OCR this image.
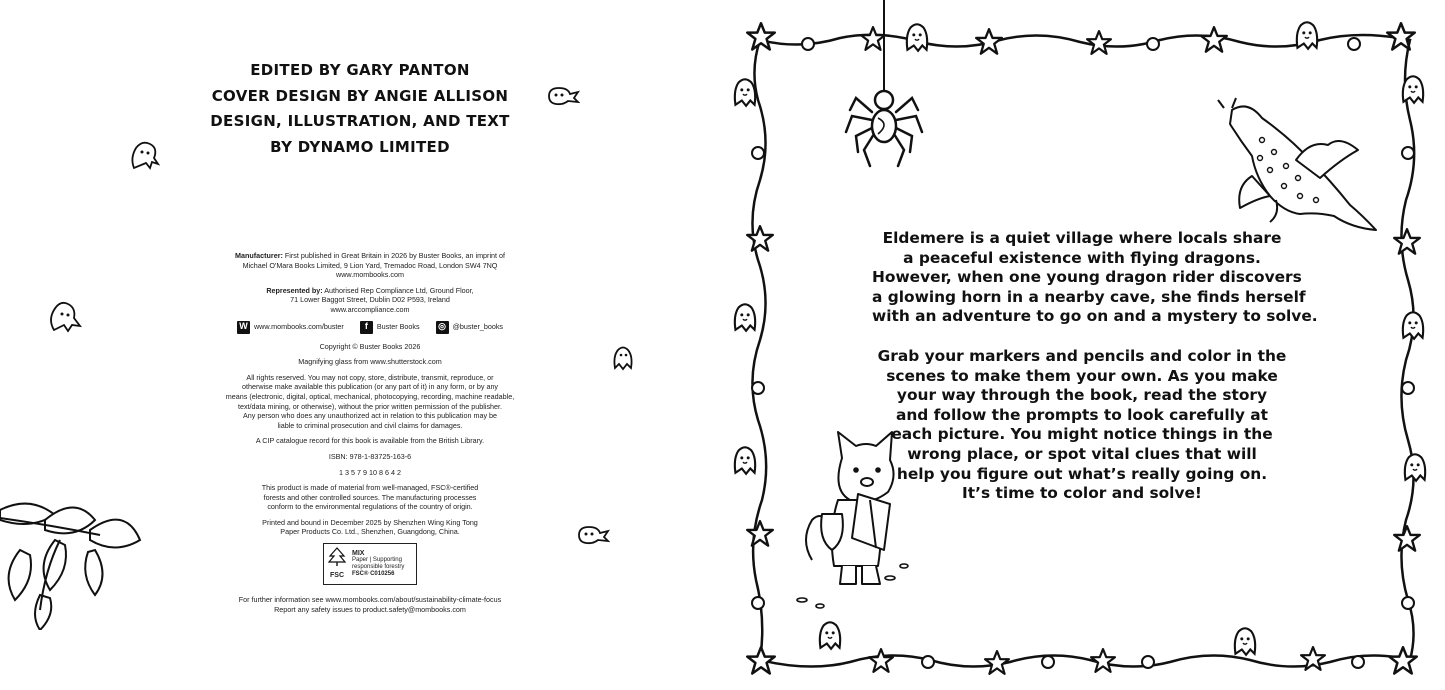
EDITED BY GARY PANTON
COVER DESIGN BY ANGIE ALLISON
DESIGN, ILLUSTRATION, AND TEXT
BY DYNAMO LIMITED

Manufacturer: First published in Great Britain in 2026 by Buster Books, an imprint of
Michael O'Mara Books Limited, 9 Lion Yard, Tremadoc Road, London SW4 7NQ
www.mombooks.com

Represented by: Authorised Rep Compliance Ltd, Ground Floor,
71 Lower Baggot Street, Dublin D02 P593, Ireland
www.arccompliance.com

W www.mombooks.com/buster	f	Buster Books ◎ @buster_books

Copyright © Buster Books 2026

Magnifying glass from www.shutterstock.com

All rights reserved. You may not copy, store, distribute, transmit, reproduce, or
otherwise make available this publication (or any part of it) in any form, or by any
means (electronic, digital, optical, mechanical, photocopying, recording, machine readable,
text/data mining, or otherwise), without the prior written permission of the publisher.
Any person who does any unauthorized act in relation to this publication may be
liable to criminal prosecution and civil claims for damages.

A CIP catalogue record for this book is available from the British Library.

ISBN: 978-1-83725-163-6

1 3 5 7 9 10 8 6 4 2

This product is made of material from well-managed, FSC®-certified
forests and other controlled sources. The manufacturing processes
conform to the environmental regulations of the country of origin.

Printed and bound in December 2025 by Shenzhen Wing King Tong
Paper Products Co. Ltd., Shenzhen, Guangdong, China.

FSC
MIX
Paper | Supporting responsible forestry
FSC® C010256

For further information see www.mombooks.com/about/sustainability-climate-focus
Report any safety issues to product.safety@mombooks.com

Eldemere is a quiet village where locals share
a peaceful existence with flying dragons.
However, when one young dragon rider discovers
a glowing horn in a nearby cave, she finds herself
with an adventure to go on and a mystery to solve.

Grab your markers and pencils and color in the
scenes to make them your own. As you make
your way through the book, read the story
and follow the prompts to look carefully at
each picture. You might notice things in the
wrong place, or spot vital clues that will
help you figure out what’s really going on.
It’s time to color and solve!
